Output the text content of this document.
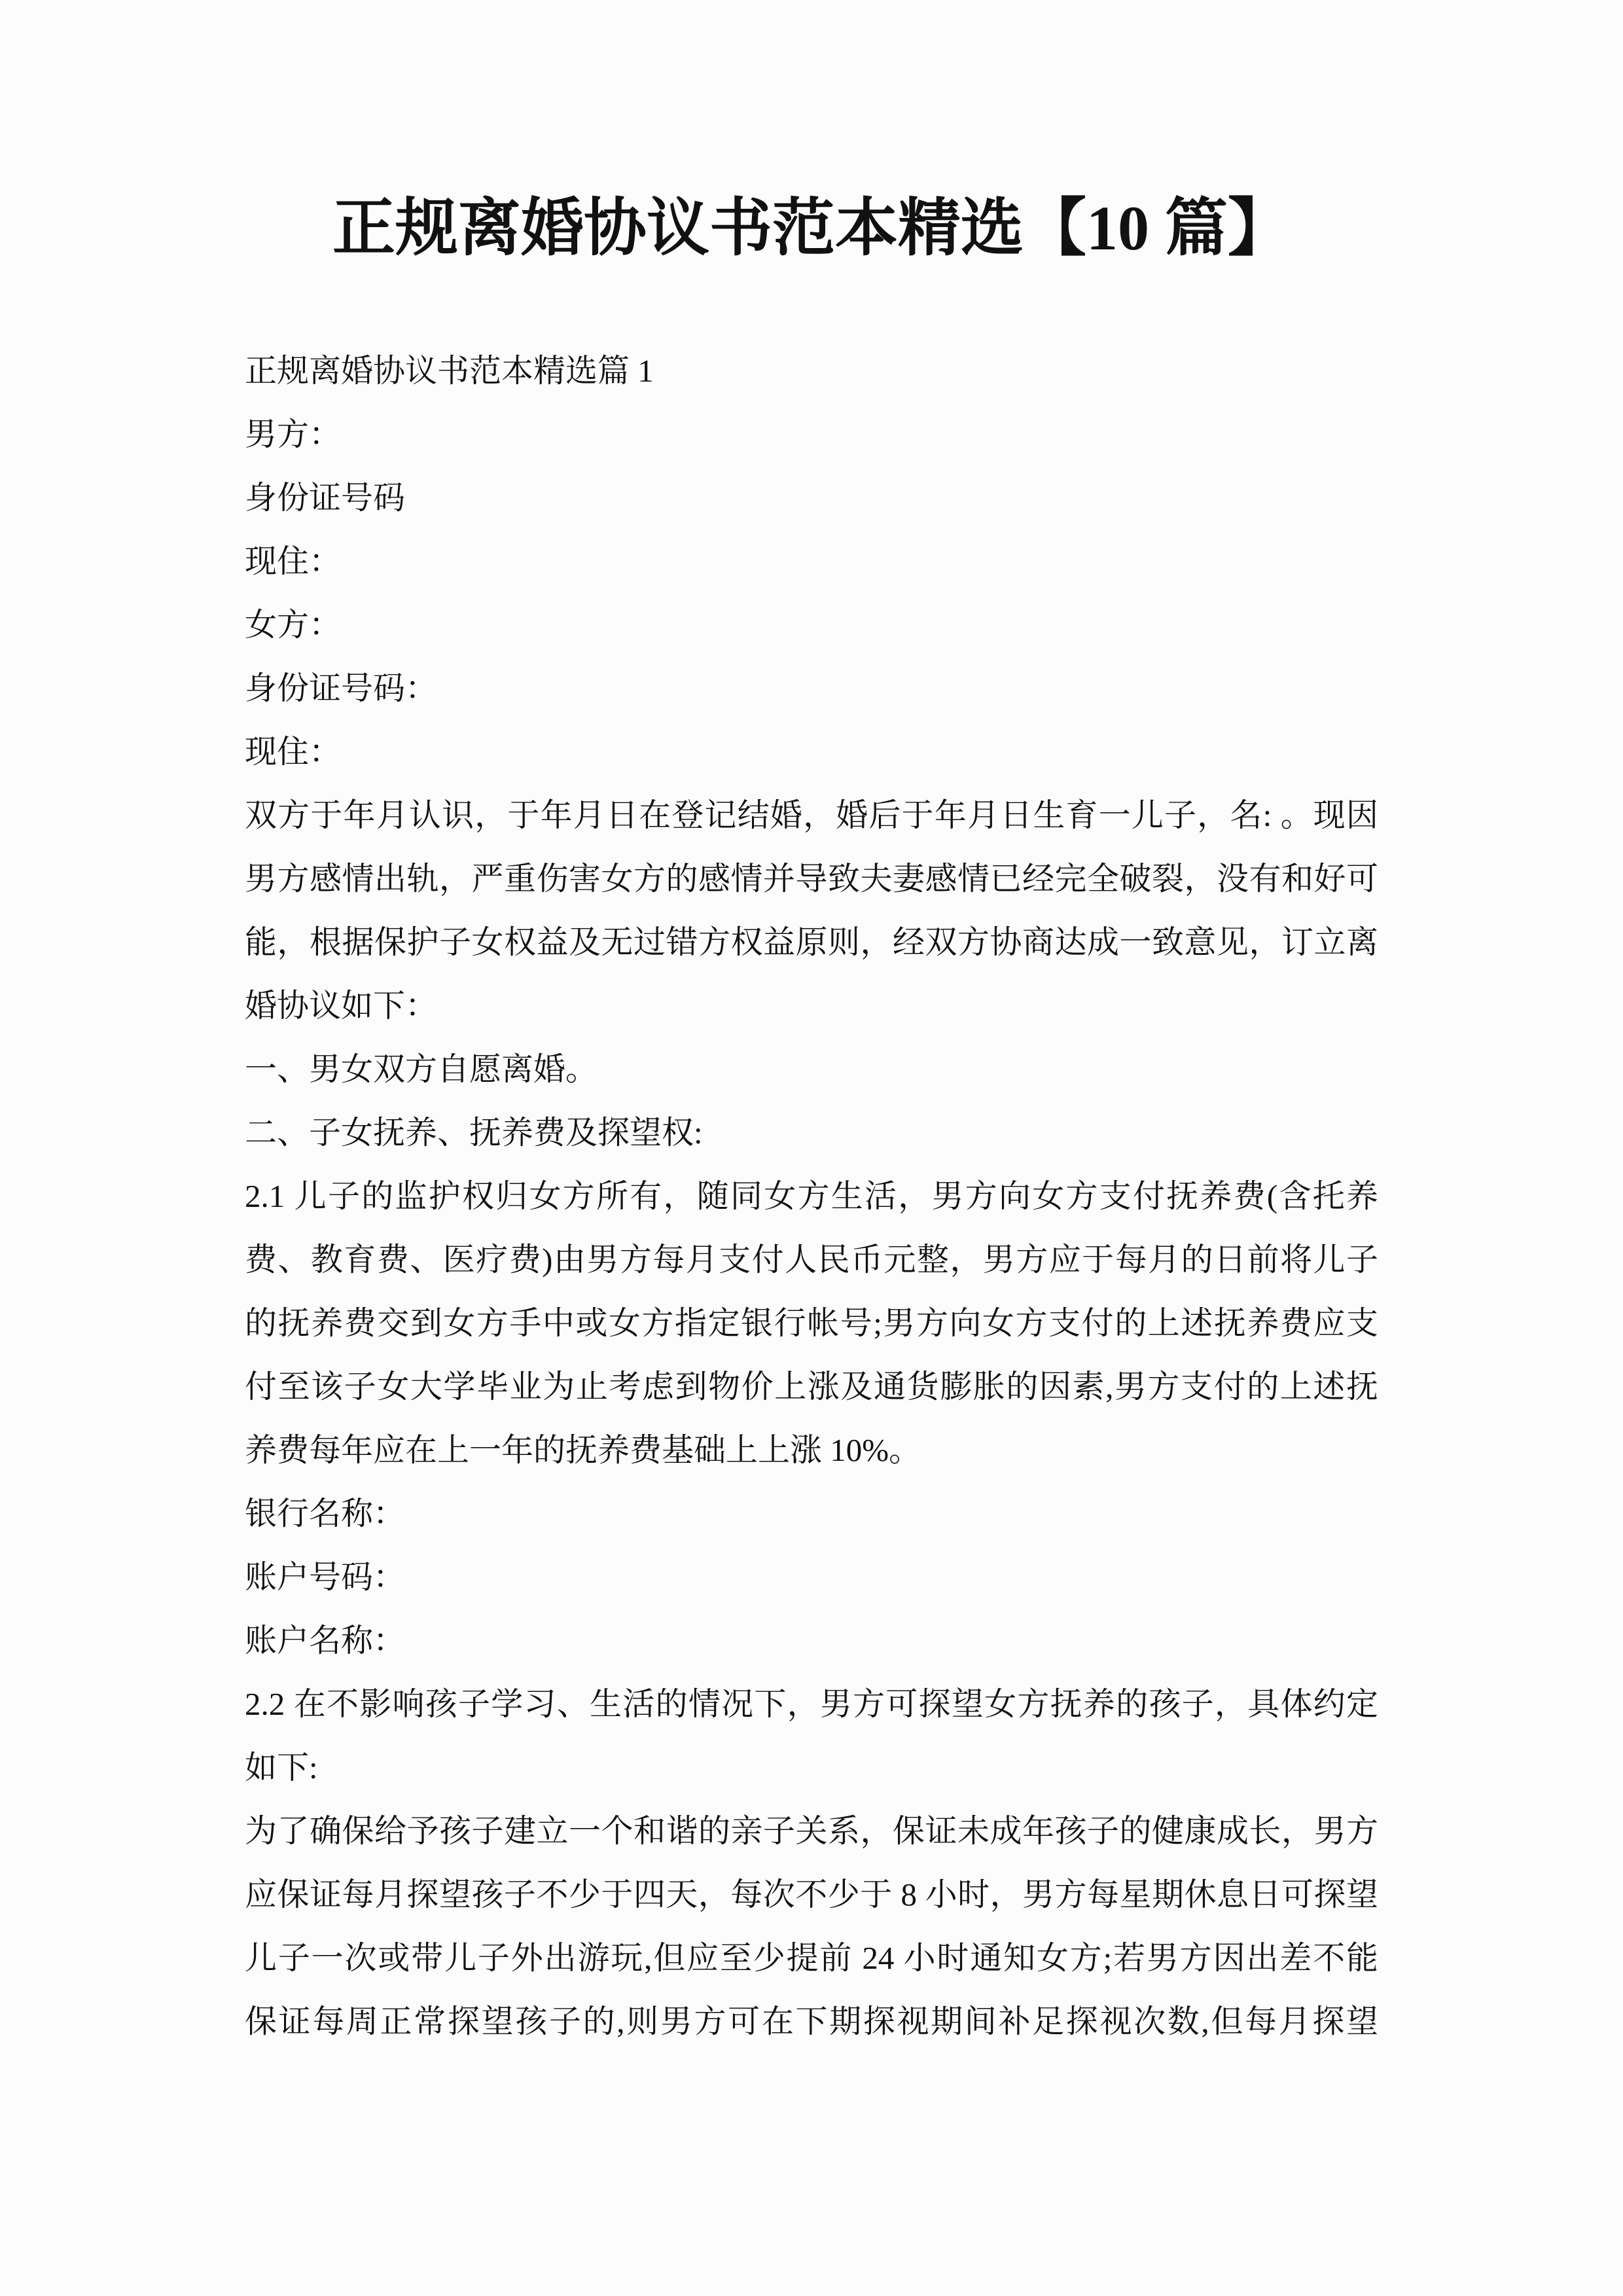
正规离婚协议书范本精选【10 篇】
正规离婚协议书范本精选篇 1
男方：
身份证号码
现住：
女方：
身份证号码：
现住：
双方于年月认识，于年月日在登记结婚，婚后于年月日生育一儿子，名: 。现因
男方感情出轨，严重伤害女方的感情并导致夫妻感情已经完全破裂，没有和好可
能，根据保护子女权益及无过错方权益原则，经双方协商达成一致意见，订立离
婚协议如下：
一、男女双方自愿离婚。
二、子女抚养、抚养费及探望权:
2.1 儿子的监护权归女方所有，随同女方生活，男方向女方支付抚养费(含托养
费、教育费、医疗费)由男方每月支付人民币元整，男方应于每月的日前将儿子
的抚养费交到女方手中或女方指定银行帐号;男方向女方支付的上述抚养费应支
付至该子女大学毕业为止考虑到物价上涨及通货膨胀的因素,男方支付的上述抚
养费每年应在上一年的抚养费基础上上涨 10%。
银行名称：
账户号码：
账户名称：
2.2 在不影响孩子学习、生活的情况下，男方可探望女方抚养的孩子，具体约定
如下:
为了确保给予孩子建立一个和谐的亲子关系，保证未成年孩子的健康成长，男方
应保证每月探望孩子不少于四天，每次不少于 8 小时，男方每星期休息日可探望
儿子一次或带儿子外出游玩,但应至少提前 24 小时通知女方;若男方因出差不能
保证每周正常探望孩子的,则男方可在下期探视期间补足探视次数,但每月探望
